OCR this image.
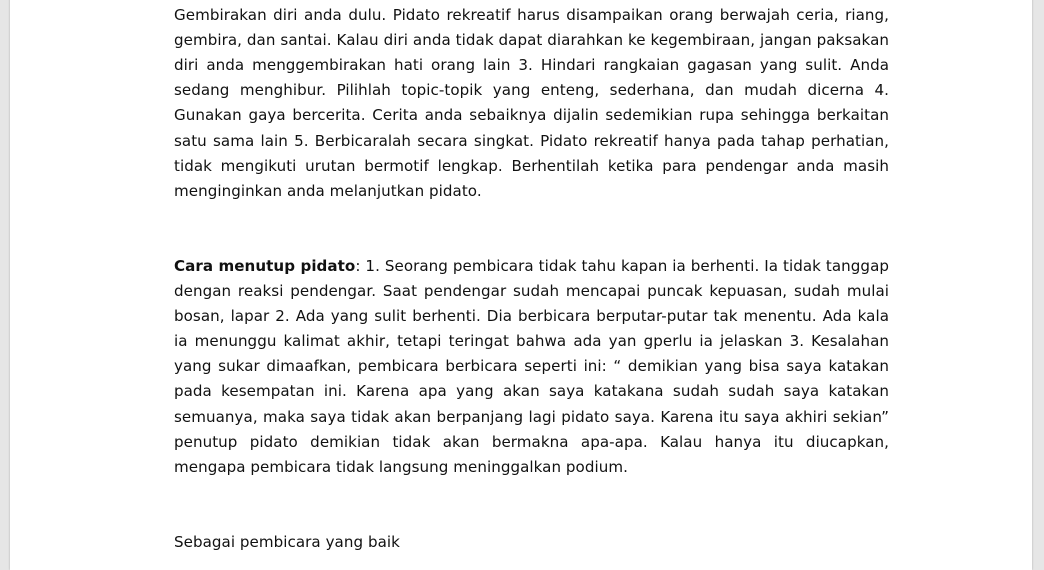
Gembirakan diri anda dulu. Pidato rekreatif harus disampaikan orang berwajah ceria, riang, gembira, dan santai. Kalau diri anda tidak dapat diarahkan ke kegembiraan, jangan paksakan diri anda menggembirakan hati orang lain 3. Hindari rangkaian gagasan yang sulit. Anda sedang menghibur. Pilihlah topic-topik yang enteng, sederhana, dan mudah dicerna 4. Gunakan gaya bercerita. Cerita anda sebaiknya dijalin sedemikian rupa sehingga berkaitan satu sama lain 5. Berbicaralah secara singkat. Pidato rekreatif hanya pada tahap perhatian, tidak mengikuti urutan bermotif lengkap. Berhentilah ketika para pendengar anda masih menginginkan anda melanjutkan pidato.

Cara menutup pidato: 1. Seorang pembicara tidak tahu kapan ia berhenti. Ia tidak tanggap dengan reaksi pendengar. Saat pendengar sudah mencapai puncak kepuasan, sudah mulai bosan, lapar 2. Ada yang sulit berhenti. Dia berbicara berputar-putar tak menentu. Ada kala ia menunggu kalimat akhir, tetapi teringat bahwa ada yan gperlu ia jelaskan 3. Kesalahan yang sukar dimaafkan, pembicara berbicara seperti ini: “ demikian yang bisa saya katakan pada kesempatan ini. Karena apa yang akan saya katakana sudah sudah saya katakan semuanya, maka saya tidak akan berpanjang lagi pidato saya. Karena itu saya akhiri sekian” penutup pidato demikian tidak akan bermakna apa-apa. Kalau hanya itu diucapkan, mengapa pembicara tidak langsung meninggalkan podium.

Sebagai pembicara yang baik
